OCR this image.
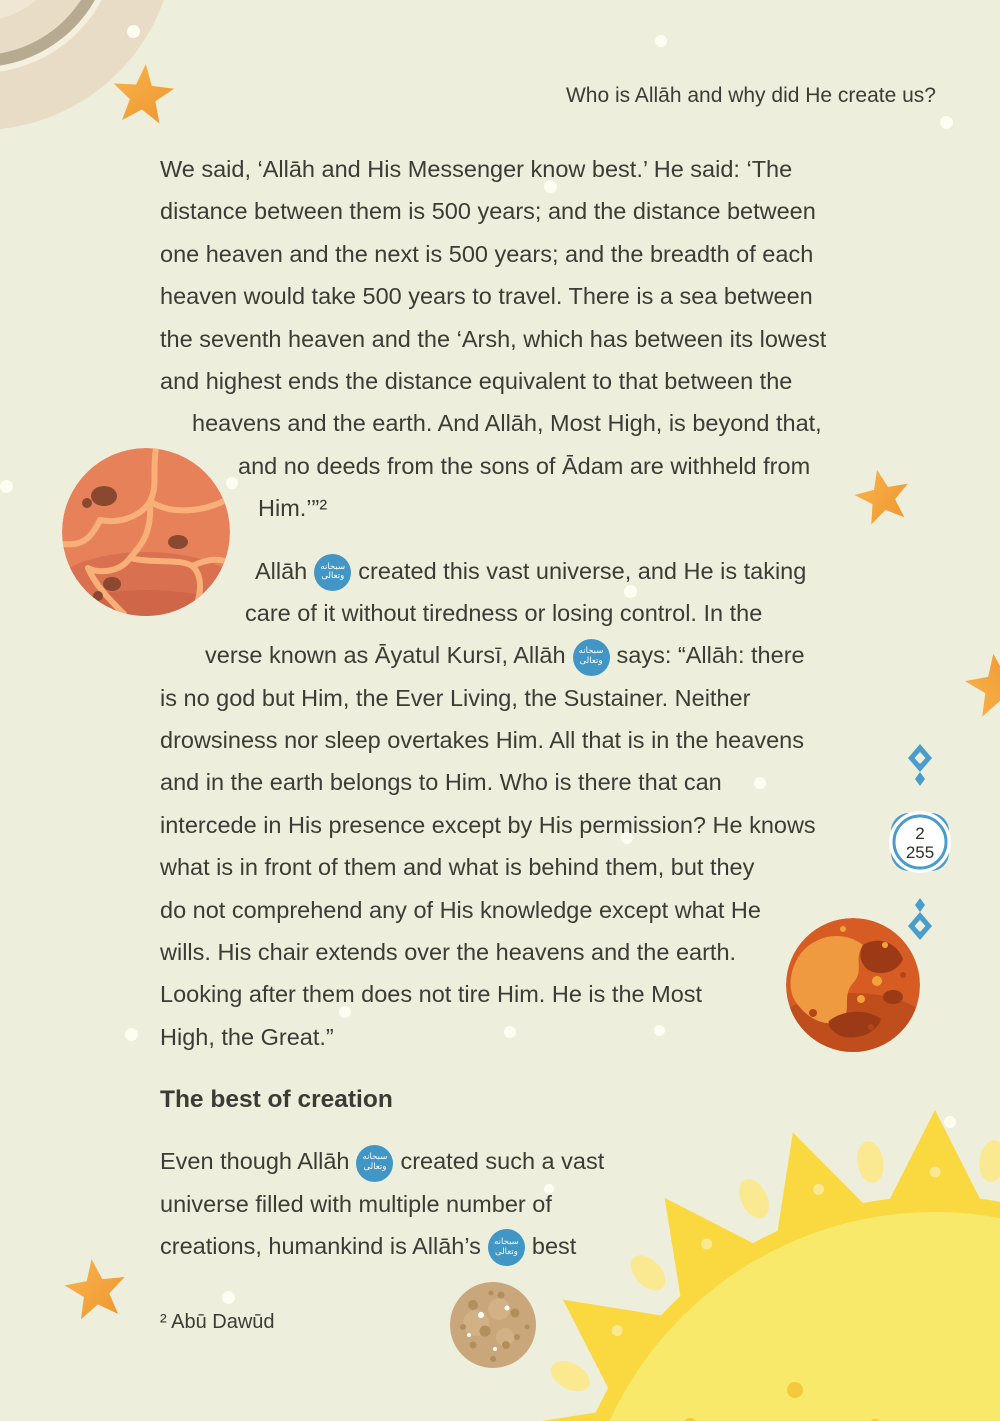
2
255
Who is Allāh and why did He create us?
We said, ‘Allāh and His Messenger know best.’ He said: ‘The
distance between them is 500 years; and the distance between
one heaven and the next is 500 years; and the breadth of each
heaven would take 500 years to travel. There is a sea between
the seventh heaven and the ‘Arsh, which has between its lowest
and highest ends the distance equivalent to that between the
heavens and the earth. And Allāh, Most High, is beyond that,
and no deeds from the sons of Ādam are withheld from
Him.’”²
Allāh سبحانه
وتعالى created this vast universe, and He is taking
care of it without tiredness or losing control. In the
verse known as Āyatul Kursī, Allāh سبحانه
وتعالى says: “Allāh: there
is no god but Him, the Ever Living, the Sustainer. Neither
drowsiness nor sleep overtakes Him. All that is in the heavens
and in the earth belongs to Him. Who is there that can
intercede in His presence except by His permission? He knows
what is in front of them and what is behind them, but they
do not comprehend any of His knowledge except what He
wills. His chair extends over the heavens and the earth.
Looking after them does not tire Him. He is the Most
High, the Great.”
The best of creation
Even though Allāh سبحانه
وتعالى created such a vast
universe filled with multiple number of
creations, humankind is Allāh’s سبحانه
وتعالى best
² Abū Dawūd
